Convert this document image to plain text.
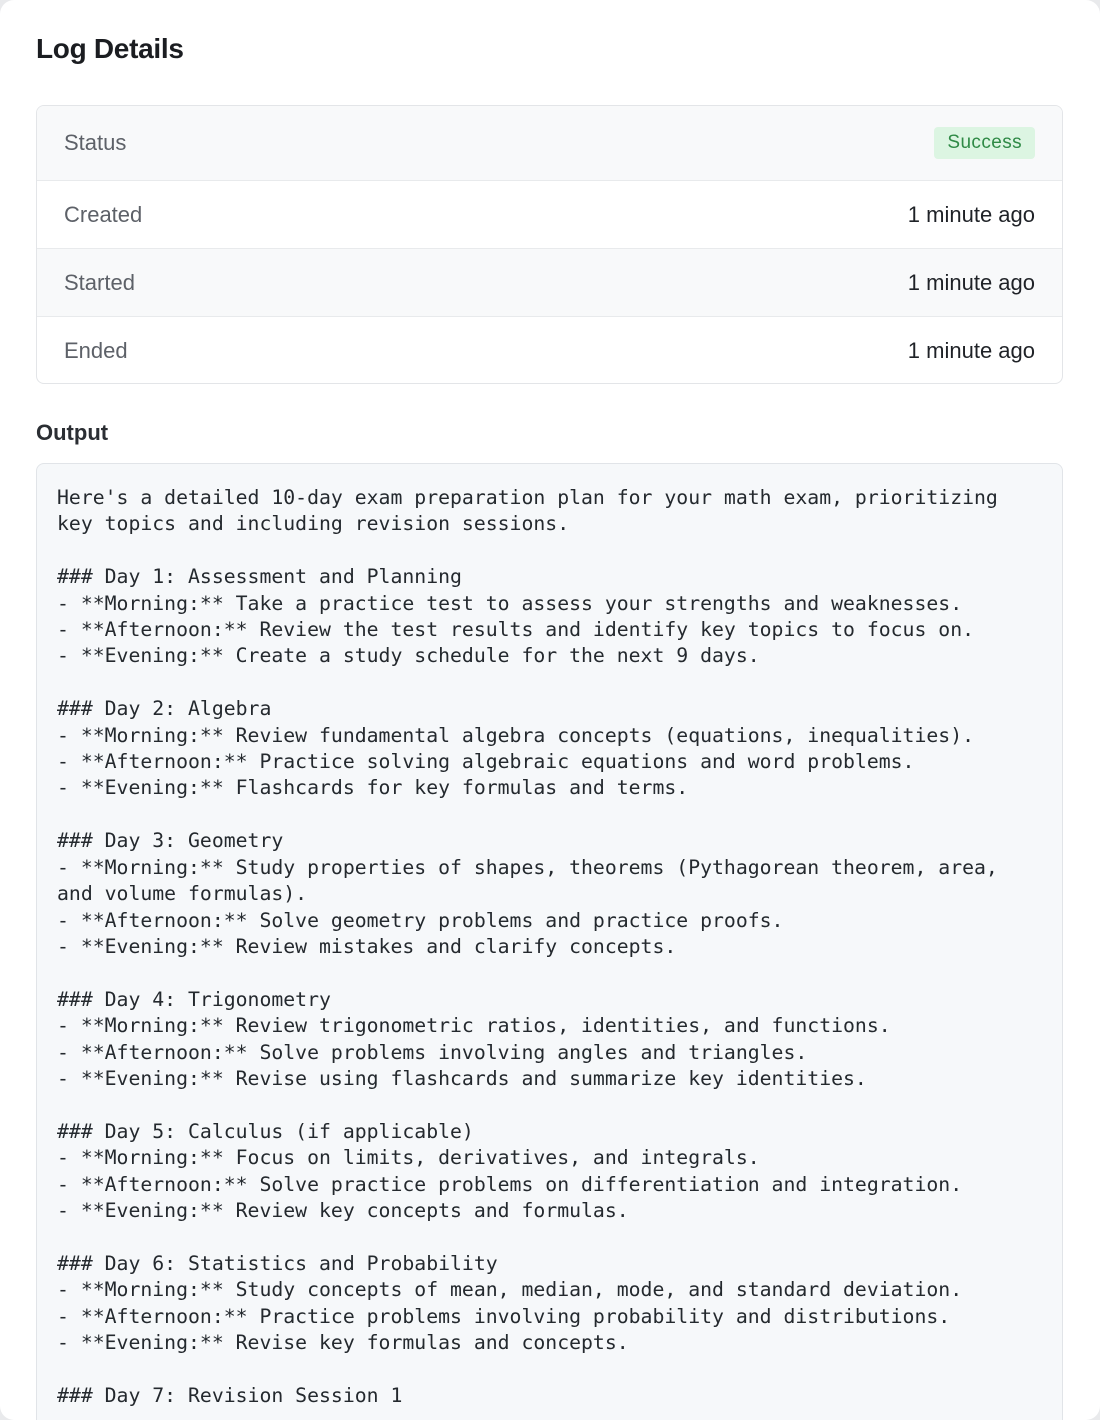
Log Details
Status	Success
Created	1 minute ago
Started	1 minute ago
Ended	1 minute ago
Output
Here's a detailed 10-day exam preparation plan for your math exam, prioritizing
key topics and including revision sessions.

### Day 1: Assessment and Planning
- **Morning:** Take a practice test to assess your strengths and weaknesses.
- **Afternoon:** Review the test results and identify key topics to focus on.
- **Evening:** Create a study schedule for the next 9 days.

### Day 2: Algebra
- **Morning:** Review fundamental algebra concepts (equations, inequalities).
- **Afternoon:** Practice solving algebraic equations and word problems.
- **Evening:** Flashcards for key formulas and terms.

### Day 3: Geometry
- **Morning:** Study properties of shapes, theorems (Pythagorean theorem, area,
and volume formulas).
- **Afternoon:** Solve geometry problems and practice proofs.
- **Evening:** Review mistakes and clarify concepts.

### Day 4: Trigonometry
- **Morning:** Review trigonometric ratios, identities, and functions.
- **Afternoon:** Solve problems involving angles and triangles.
- **Evening:** Revise using flashcards and summarize key identities.

### Day 5: Calculus (if applicable)
- **Morning:** Focus on limits, derivatives, and integrals.
- **Afternoon:** Solve practice problems on differentiation and integration.
- **Evening:** Review key concepts and formulas.

### Day 6: Statistics and Probability
- **Morning:** Study concepts of mean, median, mode, and standard deviation.
- **Afternoon:** Practice problems involving probability and distributions.
- **Evening:** Revise key formulas and concepts.

### Day 7: Revision Session 1
